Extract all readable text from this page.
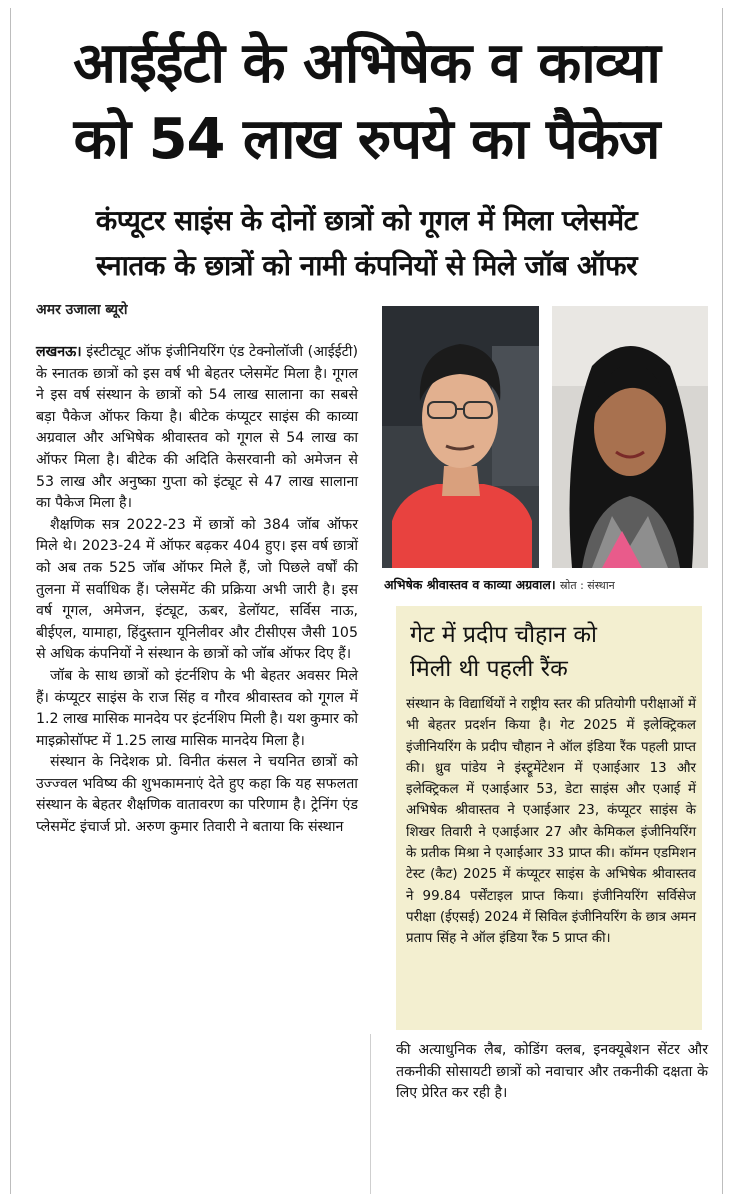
आईईटी के अभिषेक व काव्या
को 54 लाख रुपये का पैकेज
कंप्यूटर साइंस के दोनों छात्रों को गूगल में मिला प्लेसमेंट
स्नातक के छात्रों को नामी कंपनियों से मिले जॉब ऑफर
अमर उजाला ब्यूरो

लखनऊ। इंस्टीट्यूट ऑफ इंजीनियरिंग एंड टेक्नोलॉजी (आईईटी) के स्नातक छात्रों को इस वर्ष भी बेहतर प्लेसमेंट मिला है। गूगल ने इस वर्ष संस्थान के छात्रों को 54 लाख सालाना का सबसे बड़ा पैकेज ऑफर किया है। बीटेक कंप्यूटर साइंस की काव्या अग्रवाल और अभिषेक श्रीवास्तव को गूगल से 54 लाख का ऑफर मिला है। बीटेक की अदिति केसरवानी को अमेजन से 53 लाख और अनुष्का गुप्ता को इंट्यूट से 47 लाख सालाना का पैकेज मिला है।

शैक्षणिक सत्र 2022-23 में छात्रों को 384 जॉब ऑफर मिले थे। 2023-24 में ऑफर बढ़कर 404 हुए। इस वर्ष छात्रों को अब तक 525 जॉब ऑफर मिले हैं, जो पिछले वर्षों की तुलना में सर्वाधिक हैं। प्लेसमेंट की प्रक्रिया अभी जारी है। इस वर्ष गूगल, अमेजन, इंट्यूट, ऊबर, डेलॉयट, सर्विस नाऊ, बीईएल, यामाहा, हिंदुस्तान यूनिलीवर और टीसीएस जैसी 105 से अधिक कंपनियों ने संस्थान के छात्रों को जॉब ऑफर दिए हैं।

जॉब के साथ छात्रों को इंटर्नशिप के भी बेहतर अवसर मिले हैं। कंप्यूटर साइंस के राज सिंह व गौरव श्रीवास्तव को गूगल में 1.2 लाख मासिक मानदेय पर इंटर्नशिप मिली है। यश कुमार को माइक्रोसॉफ्ट में 1.25 लाख मासिक मानदेय मिला है।

संस्थान के निदेशक प्रो. विनीत कंसल ने चयनित छात्रों को उज्ज्वल भविष्य की शुभकामनाएं देते हुए कहा कि यह सफलता संस्थान के बेहतर शैक्षणिक वातावरण का परिणाम है। ट्रेनिंग एंड प्लेसमेंट इंचार्ज प्रो. अरुण कुमार तिवारी ने बताया कि संस्थान

अभिषेक श्रीवास्तव व काव्या अग्रवाल। स्रोत : संस्थान
गेट में प्रदीप चौहान को
मिली थी पहली रैंक
संस्थान के विद्यार्थियों ने राष्ट्रीय स्तर की प्रतियोगी परीक्षाओं में भी बेहतर प्रदर्शन किया है। गेट 2025 में इलेक्ट्रिकल इंजीनियरिंग के प्रदीप चौहान ने ऑल इंडिया रैंक पहली प्राप्त की। ध्रुव पांडेय ने इंस्ट्रूमेंटेशन में एआईआर 13 और इलेक्ट्रिकल में एआईआर 53, डेटा साइंस और एआई में अभिषेक श्रीवास्तव ने एआईआर 23, कंप्यूटर साइंस के शिखर तिवारी ने एआईआर 27 और केमिकल इंजीनियरिंग के प्रतीक मिश्रा ने एआईआर 33 प्राप्त की। कॉमन एडमिशन टेस्ट (कैट) 2025 में कंप्यूटर साइंस के अभिषेक श्रीवास्तव ने 99.84 पर्सेंटाइल प्राप्त किया। इंजीनियरिंग सर्विसेज परीक्षा (ईएसई) 2024 में सिविल इंजीनियरिंग के छात्र अमन प्रताप सिंह ने ऑल इंडिया रैंक 5 प्राप्त की।

की अत्याधुनिक लैब, कोडिंग क्लब, इनक्यूबेशन सेंटर और तकनीकी सोसायटी छात्रों को नवाचार और तकनीकी दक्षता के लिए प्रेरित कर रही है।
